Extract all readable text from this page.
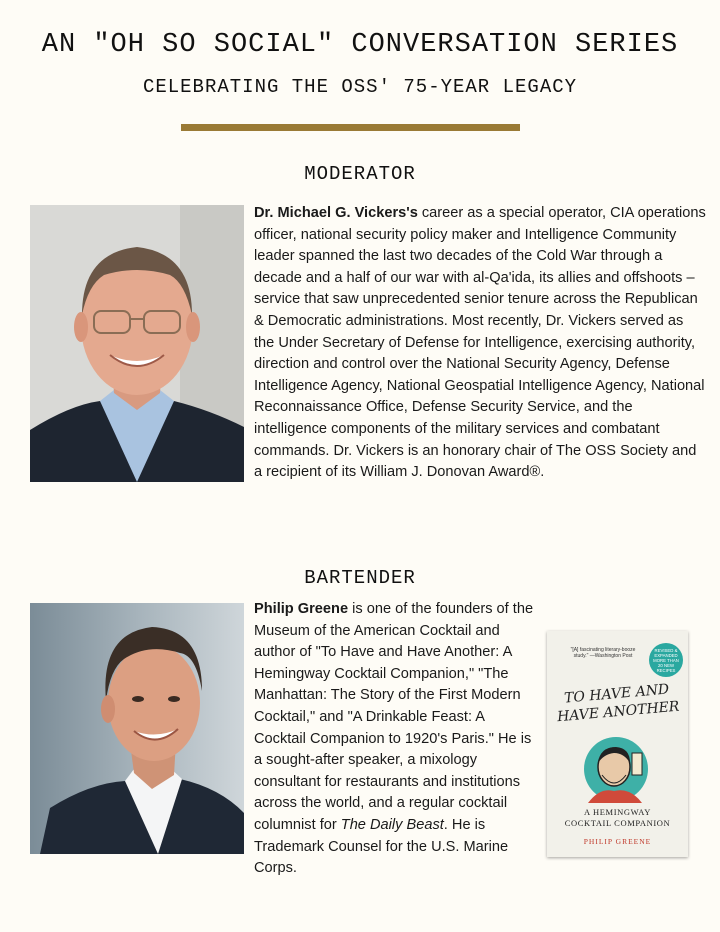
AN "OH SO SOCIAL" CONVERSATION SERIES
CELEBRATING THE OSS' 75-YEAR LEGACY
MODERATOR
Dr. Michael G. Vickers's career as a special operator, CIA operations officer, national security policy maker and Intelligence Community leader spanned the last two decades of the Cold War through a decade and a half of our war with al-Qa'ida, its allies and offshoots – service that saw unprecedented senior tenure across the Republican & Democratic administrations. Most recently, Dr. Vickers served as the Under Secretary of Defense for Intelligence, exercising authority, direction and control over the National Security Agency, Defense Intelligence Agency, National Geospatial Intelligence Agency, National Reconnaissance Office, Defense Security Service, and the intelligence components of the military services and combatant commands. Dr. Vickers is an honorary chair of The OSS Society and a recipient of its William J. Donovan Award®.
BARTENDER
Philip Greene is one of the founders of the Museum of the American Cocktail and author of "To Have and Have Another: A Hemingway Cocktail Companion," "The Manhattan: The Story of the First Modern Cocktail," and "A Drinkable Feast: A Cocktail Companion to 1920's Paris." He is a sought-after speaker, a mixology consultant for restaurants and institutions across the world, and a regular cocktail columnist for The Daily Beast. He is Trademark Counsel for the U.S. Marine Corps.
"[A] fascinating literary-booze study." —Washington Post
REVISED & EXPANDED MORE THAN 20 NEW RECIPES
TO HAVE AND HAVE ANOTHER
A HEMINGWAY
COCKTAIL COMPANION
PHILIP GREENE
